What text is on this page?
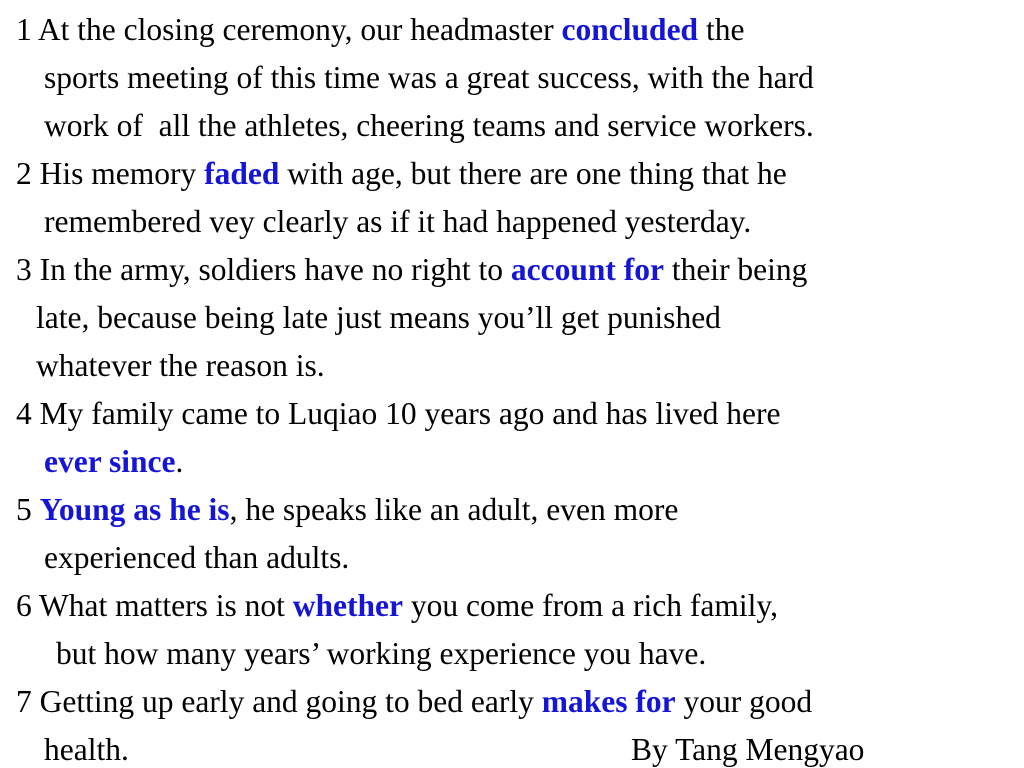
1 At the closing ceremony, our headmaster concluded the
sports meeting of this time was a great success, with the hard
work of  all the athletes, cheering teams and service workers.
2 His memory faded with age, but there are one thing that he
remembered vey clearly as if it had happened yesterday.
3 In the army, soldiers have no right to account for their being
late, because being late just means you’ll get punished
whatever the reason is.
4 My family came to Luqiao 10 years ago and has lived here
ever since.
5 Young as he is, he speaks like an adult, even more
experienced than adults.
6 What matters is not whether you come from a rich family,
but how many years’ working experience you have.
7 Getting up early and going to bed early makes for your good
health.	By Tang Mengyao
